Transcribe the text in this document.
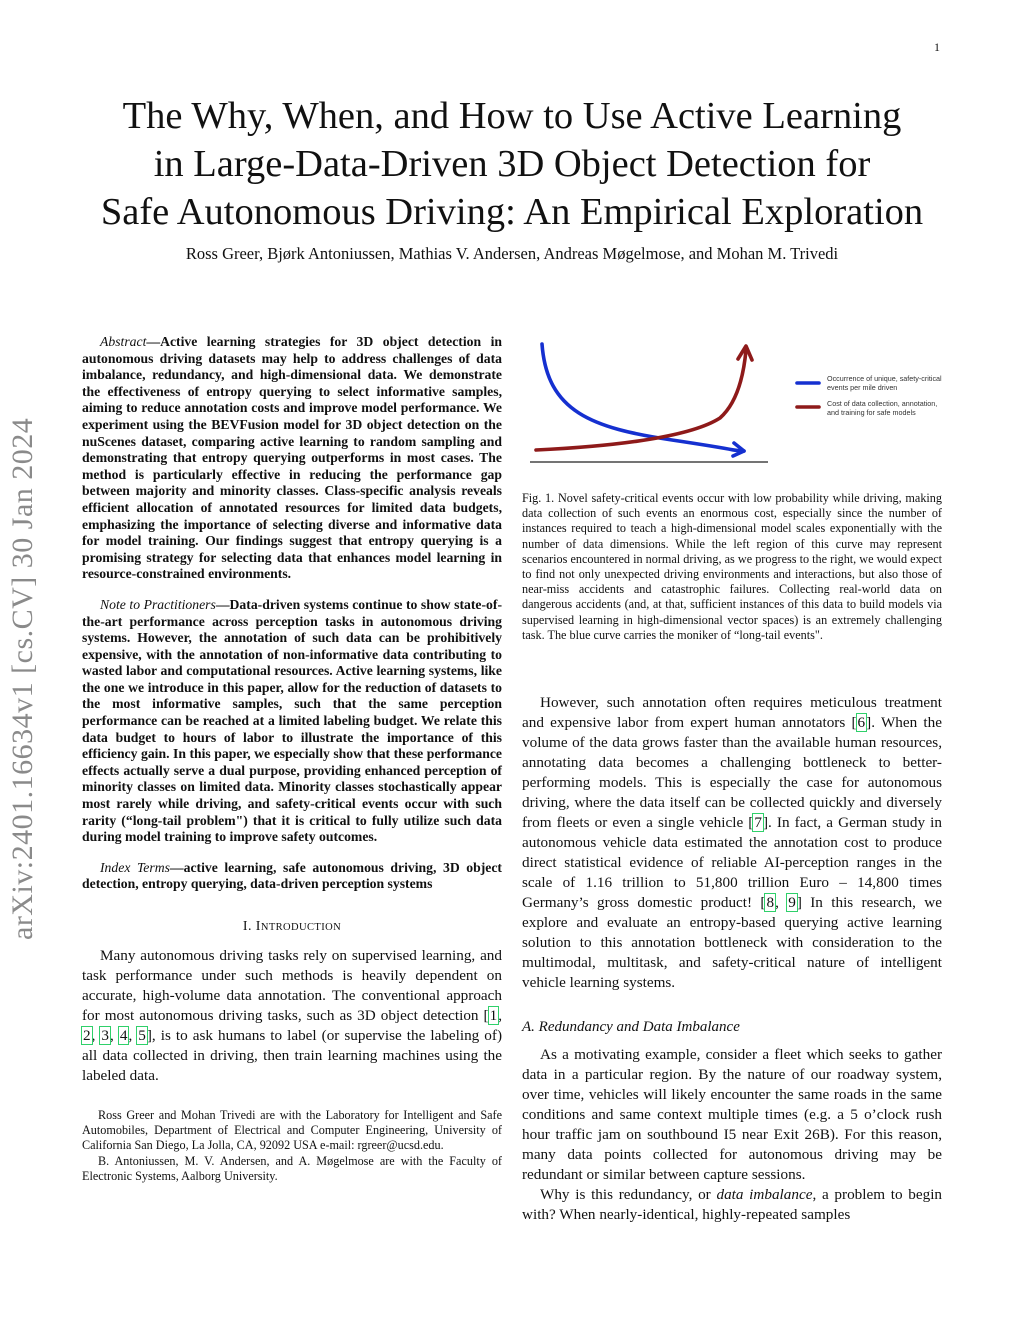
1
arXiv:2401.16634v1 [cs.CV] 30 Jan 2024
The Why, When, and How to Use Active Learning
in Large-Data-Driven 3D Object Detection for
Safe Autonomous Driving: An Empirical Exploration
Ross Greer, Bjørk Antoniussen, Mathias V. Andersen, Andreas Møgelmose, and Mohan M. Trivedi

Abstract—Active learning strategies for 3D object detection in autonomous driving datasets may help to address challenges of data imbalance, redundancy, and high-dimensional data. We demonstrate the effectiveness of entropy querying to select informative samples, aiming to reduce annotation costs and improve model performance. We experiment using the BEVFusion model for 3D object detection on the nuScenes dataset, comparing active learning to random sampling and demonstrating that entropy querying outperforms in most cases. The method is particularly effective in reducing the performance gap between majority and minority classes. Class-specific analysis reveals efficient allocation of annotated resources for limited data budgets, emphasizing the importance of selecting diverse and informative data for model training. Our findings suggest that entropy querying is a promising strategy for selecting data that enhances model learning in resource-constrained environments.

Note to Practitioners—Data-driven systems continue to show state-of-the-art performance across perception tasks in autonomous driving systems. However, the annotation of such data can be prohibitively expensive, with the annotation of non-informative data contributing to wasted labor and computational resources. Active learning systems, like the one we introduce in this paper, allow for the reduction of datasets to the most informative samples, such that the same perception performance can be reached at a limited labeling budget. We relate this data budget to hours of labor to illustrate the importance of this efficiency gain. In this paper, we especially show that these performance effects actually serve a dual purpose, providing enhanced perception of minority classes on limited data. Minority classes stochastically appear most rarely while driving, and safety-critical events occur with such rarity (“long-tail problem") that it is critical to fully utilize such data during model training to improve safety outcomes.

Index Terms—active learning, safe autonomous driving, 3D object detection, entropy querying, data-driven perception systems

I. INTRODUCTION

Many autonomous driving tasks rely on supervised learning, and task performance under such methods is heavily dependent on accurate, high-volume data annotation. The conventional approach for most autonomous driving tasks, such as 3D object detection [1, 2, 3, 4, 5], is to ask humans to label (or supervise the labeling of) all data collected in driving, then train learning machines using the labeled data.

Ross Greer and Mohan Trivedi are with the Laboratory for Intelligent and Safe Automobiles, Department of Electrical and Computer Engineering, University of California San Diego, La Jolla, CA, 92092 USA e-mail: rgreer@ucsd.edu.

B. Antoniussen, M. V. Andersen, and A. Møgelmose are with the Faculty of Electronic Systems, Aalborg University.

Occurrence of unique, safety-critical
events per mile driven
Cost of data collection, annotation,
and training for safe models
Fig. 1. Novel safety-critical events occur with low probability while driving, making data collection of such events an enormous cost, especially since the number of instances required to teach a high-dimensional model scales exponentially with the number of data dimensions. While the left region of this curve may represent scenarios encountered in normal driving, as we progress to the right, we would expect to find not only unexpected driving environments and interactions, but also those of near-miss accidents and catastrophic failures. Collecting real-world data on dangerous accidents (and, at that, sufficient instances of this data to build models via supervised learning in high-dimensional vector spaces) is an extremely challenging task. The blue curve carries the moniker of “long-tail events".

However, such annotation often requires meticulous treatment and expensive labor from expert human annotators [6]. When the volume of the data grows faster than the available human resources, annotating data becomes a challenging bottleneck to better-performing models. This is especially the case for autonomous driving, where the data itself can be collected quickly and diversely from fleets or even a single vehicle [7]. In fact, a German study in autonomous vehicle data estimated the annotation cost to produce direct statistical evidence of reliable AI-perception ranges in the scale of 1.16 trillion to 51,800 trillion Euro – 14,800 times Germany’s gross domestic product! [8, 9] In this research, we explore and evaluate an entropy-based querying active learning solution to this annotation bottleneck with consideration to the multimodal, multitask, and safety-critical nature of intelligent vehicle learning systems.

A. Redundancy and Data Imbalance

As a motivating example, consider a fleet which seeks to gather data in a particular region. By the nature of our roadway system, over time, vehicles will likely encounter the same roads in the same conditions and same context multiple times (e.g. a 5 o’clock rush hour traffic jam on southbound I5 near Exit 26B). For this reason, many data points collected for autonomous driving may be redundant or similar between capture sessions.

Why is this redundancy, or data imbalance, a problem to begin with? When nearly-identical, highly-repeated samples
